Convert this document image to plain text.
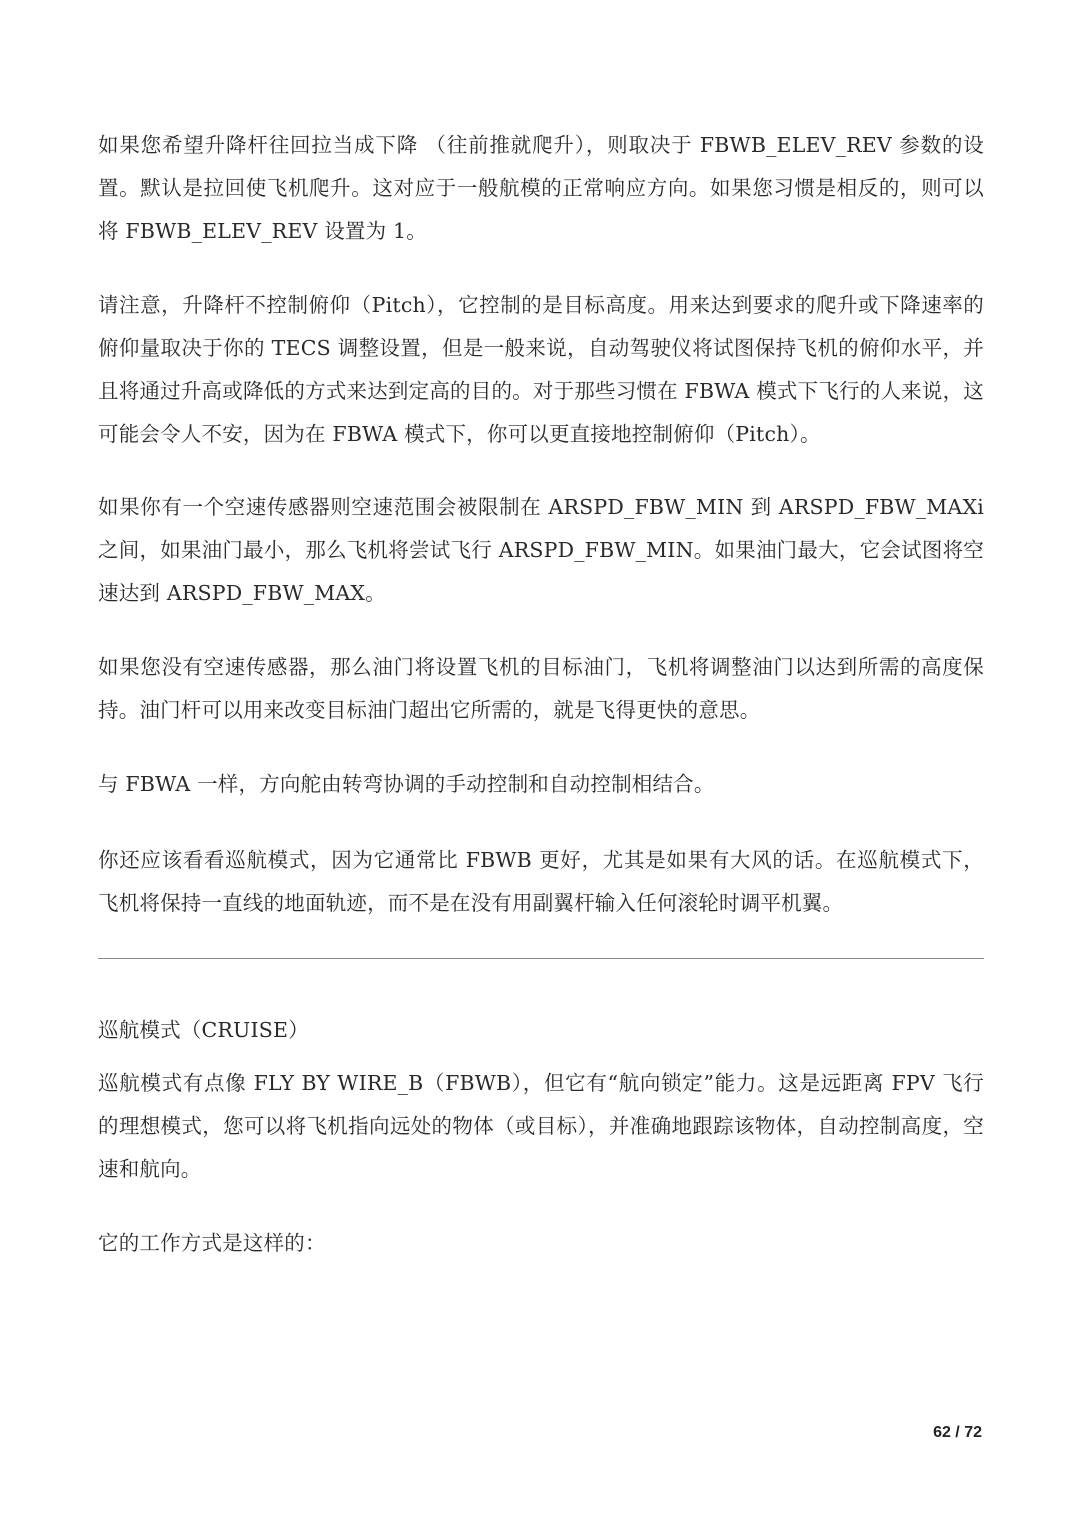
如果您希望升降杆往回拉当成下降 （往前推就爬升），则取决于 FBWB_ELEV_REV 参数的设置。默认是拉回使飞机爬升。这对应于一般航模的正常响应方向。如果您习惯是相反的，则可以将 FBWB_ELEV_REV 设置为 1。

请注意，升降杆不控制俯仰（Pitch），它控制的是目标高度。用来达到要求的爬升或下降速率的俯仰量取决于你的 TECS 调整设置，但是一般来说，自动驾驶仪将试图保持飞机的俯仰水平，并且将通过升高或降低的方式来达到定高的目的。对于那些习惯在 FBWA 模式下飞行的人来说，这可能会令人不安，因为在 FBWA 模式下，你可以更直接地控制俯仰（Pitch）。

如果你有一个空速传感器则空速范围会被限制在 ARSPD_FBW_MIN 到 ARSPD_FBW_MAXi 之间，如果油门最小，那么飞机将尝试飞行 ARSPD_FBW_MIN。如果油门最大，它会试图将空速达到 ARSPD_FBW_MAX。

如果您没有空速传感器，那么油门将设置飞机的目标油门，飞机将调整油门以达到所需的高度保持。油门杆可以用来改变目标油门超出它所需的，就是飞得更快的意思。

与 FBWA 一样，方向舵由转弯协调的手动控制和自动控制相结合。

你还应该看看巡航模式，因为它通常比 FBWB 更好，尤其是如果有大风的话。在巡航模式下，飞机将保持一直线的地面轨迹，而不是在没有用副翼杆输入任何滚轮时调平机翼。

巡航模式（CRUISE）

巡航模式有点像 FLY BY WIRE_B（FBWB），但它有“航向锁定”能力。这是远距离 FPV 飞行的理想模式，您可以将飞机指向远处的物体（或目标），并准确地跟踪该物体，自动控制高度，空速和航向。

它的工作方式是这样的：

62 / 72
